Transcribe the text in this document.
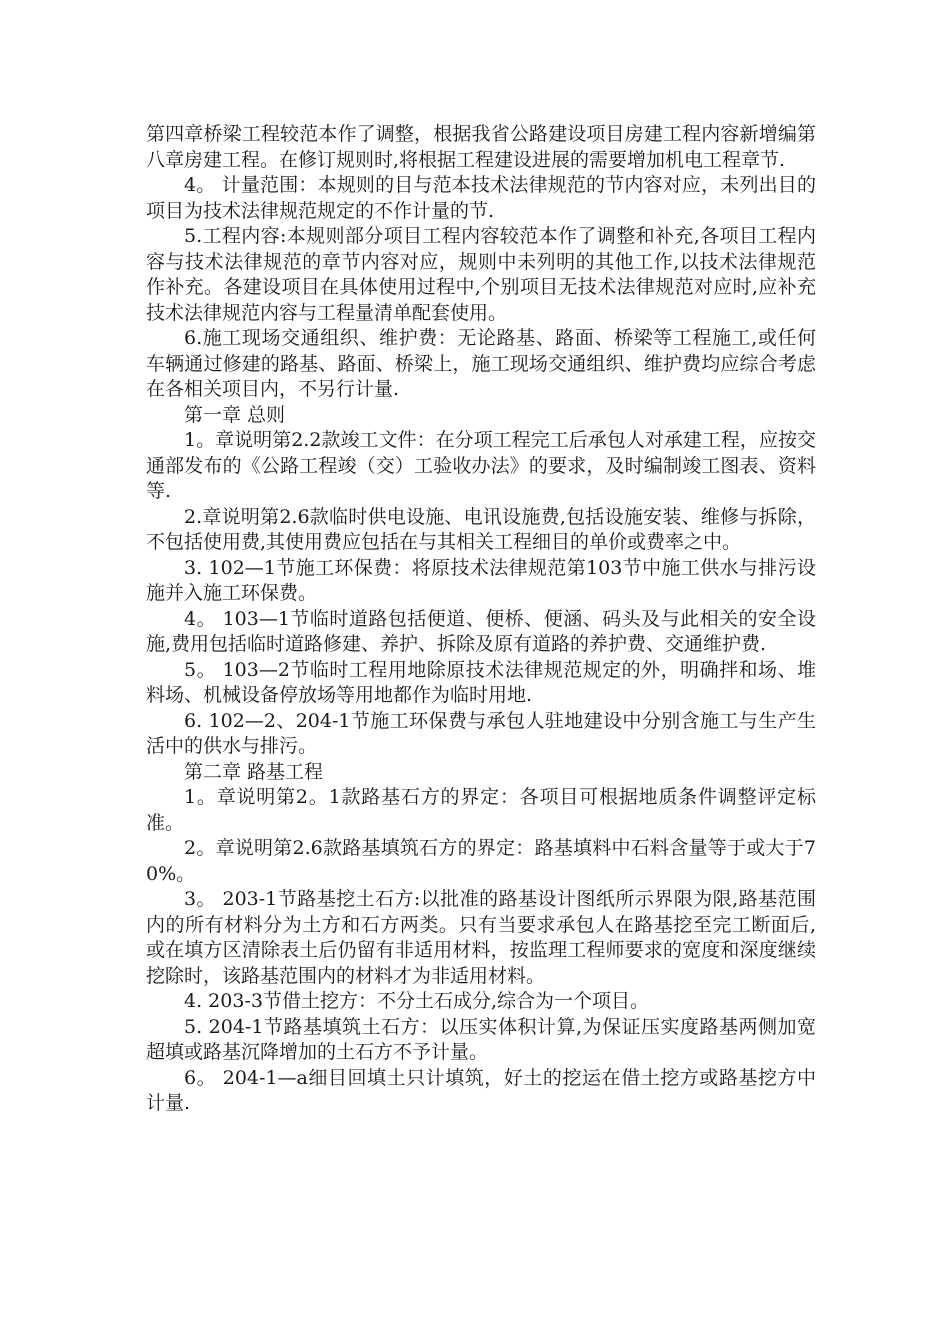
第四章桥梁工程较范本作了调整，根据我省公路建设项目房建工程内容新增编第八章房建工程。在修订规则时,将根据工程建设进展的需要增加机电工程章节.

4。 计量范围：本规则的目与范本技术法律规范的节内容对应，未列出目的项目为技术法律规范规定的不作计量的节.

5.工程内容:本规则部分项目工程内容较范本作了调整和补充,各项目工程内容与技术法律规范的章节内容对应，规则中未列明的其他工作,以技术法律规范作补充。各建设项目在具体使用过程中,个别项目无技术法律规范对应时,应补充技术法律规范内容与工程量清单配套使用。

6.施工现场交通组织、维护费：无论路基、路面、桥梁等工程施工,或任何车辆通过修建的路基、路面、桥梁上，施工现场交通组织、维护费均应综合考虑在各相关项目内，不另行计量.

第一章 总则

1。章说明第2.2款竣工文件：在分项工程完工后承包人对承建工程，应按交通部发布的《公路工程竣（交）工验收办法》的要求，及时编制竣工图表、资料等.

2.章说明第2.6款临时供电设施、电讯设施费,包括设施安装、维修与拆除，不包括使用费,其使用费应包括在与其相关工程细目的单价或费率之中。

3. 102—1节施工环保费：将原技术法律规范第103节中施工供水与排污设施并入施工环保费。

4。 103—1节临时道路包括便道、便桥、便涵、码头及与此相关的安全设施,费用包括临时道路修建、养护、拆除及原有道路的养护费、交通维护费.

5。 103—2节临时工程用地除原技术法律规范规定的外，明确拌和场、堆料场、机械设备停放场等用地都作为临时用地.

6. 102—2、204-1节施工环保费与承包人驻地建设中分别含施工与生产生活中的供水与排污。

第二章 路基工程

1。章说明第2。1款路基石方的界定：各项目可根据地质条件调整评定标准。

2。章说明第2.6款路基填筑石方的界定：路基填料中石料含量等于或大于70%。

3。 203-1节路基挖土石方:以批准的路基设计图纸所示界限为限,路基范围内的所有材料分为土方和石方两类。只有当要求承包人在路基挖至完工断面后,或在填方区清除表土后仍留有非适用材料，按监理工程师要求的宽度和深度继续挖除时，该路基范围内的材料才为非适用材料。

4. 203-3节借土挖方：不分土石成分,综合为一个项目。

5. 204-1节路基填筑土石方：以压实体积计算,为保证压实度路基两侧加宽超填或路基沉降增加的土石方不予计量。

6。 204-1—a细目回填土只计填筑，好土的挖运在借土挖方或路基挖方中计量.
